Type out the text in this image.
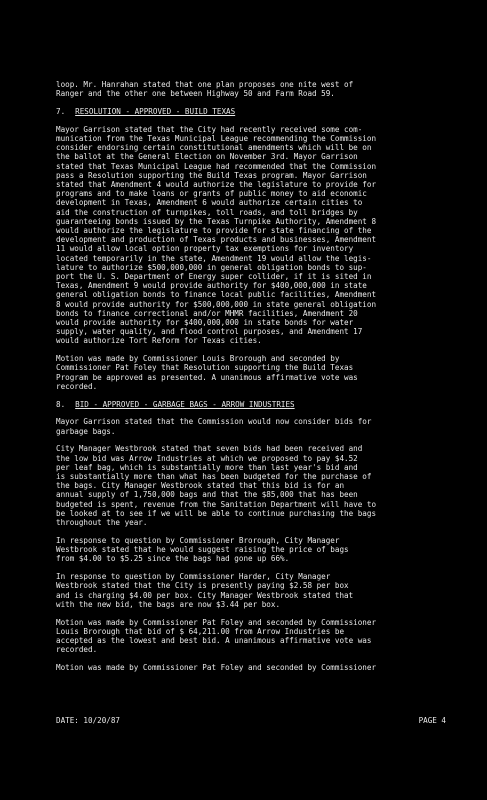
loop. Mr. Hanrahan stated that one plan proposes one nite west of
Ranger and the other one between Highway 50 and Farm Road 59.
7. RESOLUTION - APPROVED - BUILD TEXAS
Mayor Garrison stated that the City had recently received some com-
munication from the Texas Municipal League recommending the Commission
consider endorsing certain constitutional amendments which will be on
the ballot at the General Election on November 3rd. Mayor Garrison
stated that Texas Municipal League had recommended that the Commission
pass a Resolution supporting the Build Texas program. Mayor Garrison
stated that Amendment 4 would authorize the legislature to provide for
programs and to make loans or grants of public money to aid economic
development in Texas, Amendment 6 would authorize certain cities to
aid the construction of turnpikes, toll roads, and toll bridges by
guaranteeing bonds issued by the Texas Turnpike Authority, Amendment 8
would authorize the legislature to provide for state financing of the
development and production of Texas products and businesses, Amendment
11 would allow local option property tax exemptions for inventory
located temporarily in the state, Amendment 19 would allow the legis-
lature to authorize $500,000,000 in general obligation bonds to sup-
port the U. S. Department of Energy super collider, if it is sited in
Texas, Amendment 9 would provide authority for $400,000,000 in state
general obligation bonds to finance local public facilities, Amendment
8 would provide authority for $500,000,000 in state general obligation
bonds to finance correctional and/or MHMR facilities, Amendment 20
would provide authority for $400,000,000 in state bonds for water
supply, water quality, and flood control purposes, and Amendment 17
would authorize Tort Reform for Texas cities.
Motion was made by Commissioner Louis Brorough and seconded by
Commissioner Pat Foley that Resolution supporting the Build Texas
Program be approved as presented. A unanimous affirmative vote was
recorded.
8. BID - APPROVED - GARBAGE BAGS - ARROW INDUSTRIES
Mayor Garrison stated that the Commission would now consider bids for
garbage bags.
City Manager Westbrook stated that seven bids had been received and
the low bid was Arrow Industries at which we proposed to pay $4.52
per leaf bag, which is substantially more than last year's bid and
is substantially more than what has been budgeted for the purchase of
the bags. City Manager Westbrook stated that this bid is for an
annual supply of 1,750,000 bags and that the $85,000 that has been
budgeted is spent, revenue from the Sanitation Department will have to
be looked at to see if we will be able to continue purchasing the bags
throughout the year.
In response to question by Commissioner Brorough, City Manager
Westbrook stated that he would suggest raising the price of bags
from $4.00 to $5.25 since the bags had gone up 66%.
In response to question by Commissioner Harder, City Manager
Westbrook stated that the City is presently paying $2.58 per box
and is charging $4.00 per box. City Manager Westbrook stated that
with the new bid, the bags are now $3.44 per box.
Motion was made by Commissioner Pat Foley and seconded by Commissioner
Louis Brorough that bid of $ 64,211.00 from Arrow Industries be
accepted as the lowest and best bid. A unanimous affirmative vote was
recorded.
Motion was made by Commissioner Pat Foley and seconded by Commissioner
DATE: 10/20/87	PAGE 4
